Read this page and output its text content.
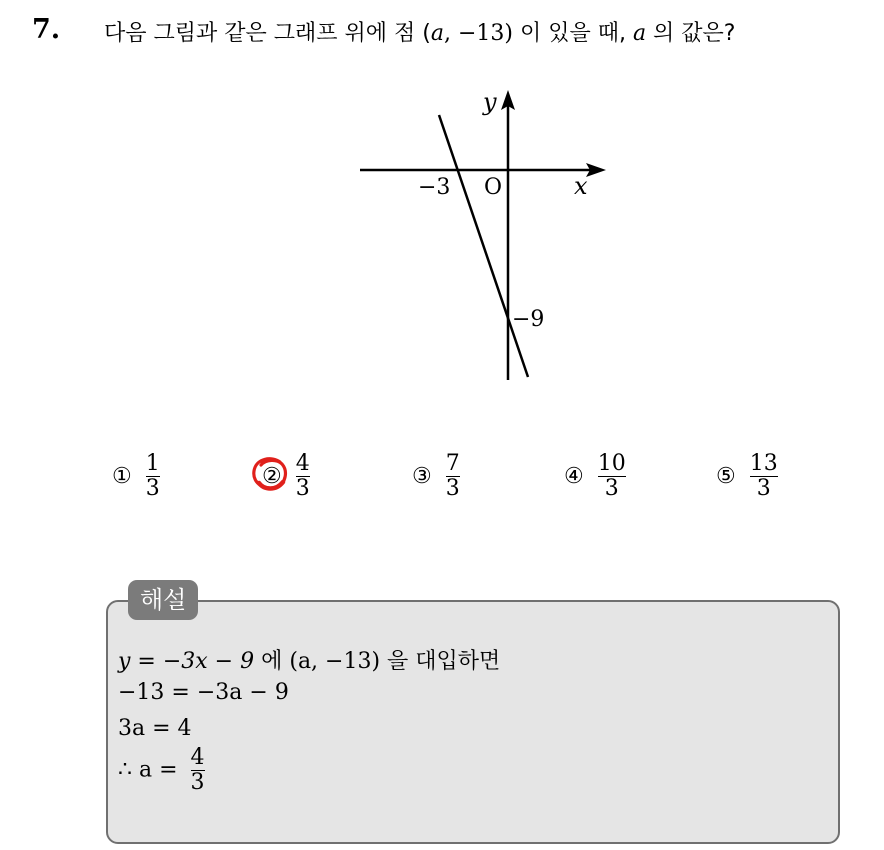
7. 다음 그림과 같은 그래프 위에 점 (a, −13) 이 있을 때, a 의 값은?
y
x
O
−3
−9
① $\frac{1}{3}$	② $\frac{4}{3}$	③ $\frac{7}{3}$	④ $\frac{10}{3}$	⑤ $\frac{13}{3}$
해설
y = −3x − 9 에 (a, −13) 을 대입하면
−13 = −3a − 9
3a = 4
∴ $a = \frac{4}{3}$
